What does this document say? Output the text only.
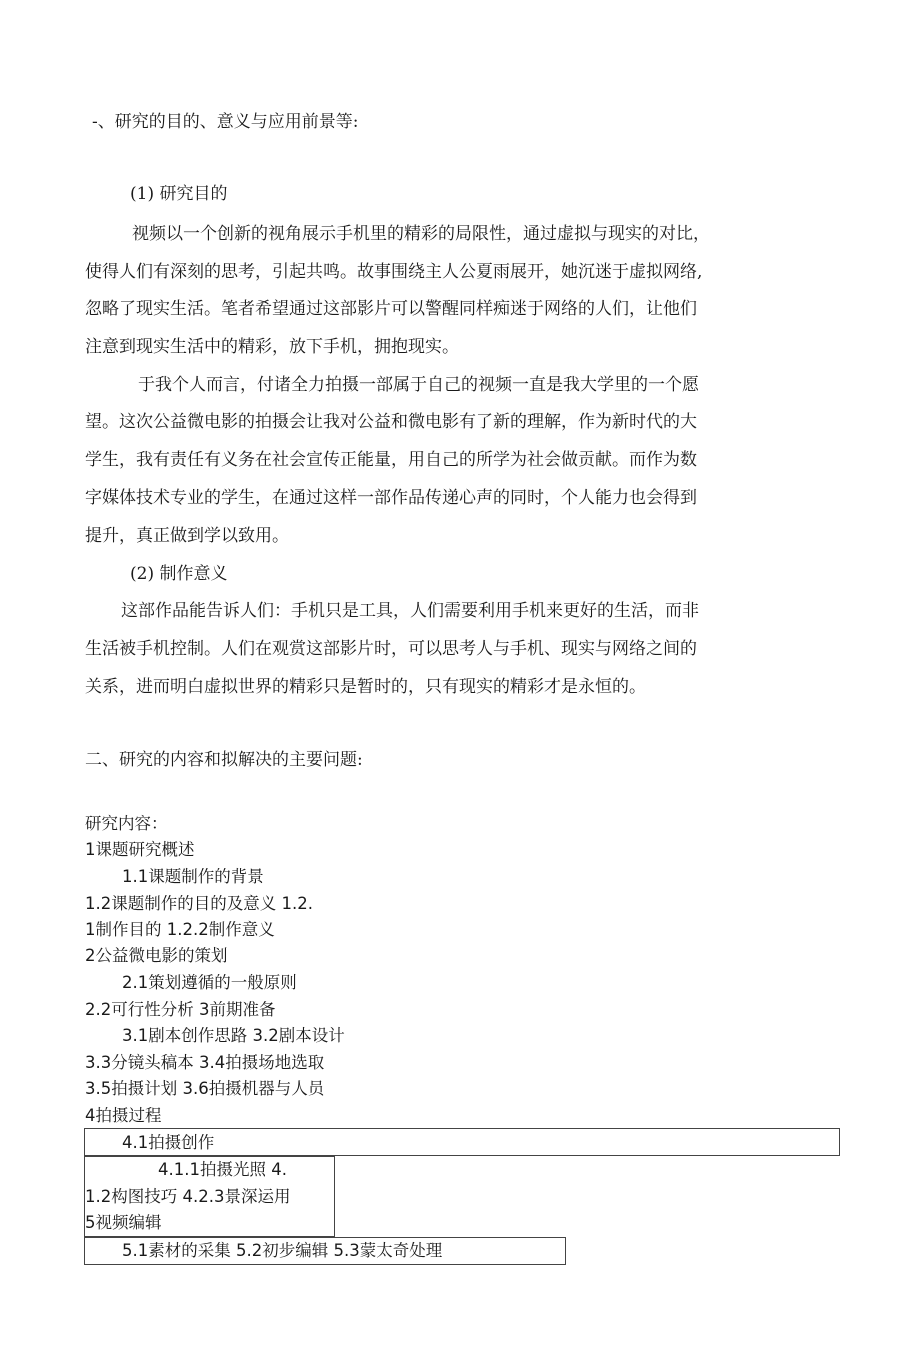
-、研究的目的、意义与应用前景等:
(1) 研究目的
视频以一个创新的视角展示手机里的精彩的局限性，通过虚拟与现实的对比，
使得人们有深刻的思考，引起共鸣。故事围绕主人公夏雨展开，她沉迷于虚拟网络,
忽略了现实生活。笔者希望通过这部影片可以警醒同样痴迷于网络的人们，让他们
注意到现实生活中的精彩，放下手机，拥抱现实。
于我个人而言，付诸全力拍摄一部属于自己的视频一直是我大学里的一个愿
望。这次公益微电影的拍摄会让我对公益和微电影有了新的理解，作为新时代的大
学生，我有责任有义务在社会宣传正能量，用自己的所学为社会做贡献。而作为数
字媒体技术专业的学生，在通过这样一部作品传递心声的同时，个人能力也会得到
提升，真正做到学以致用。
(2) 制作意义
这部作品能告诉人们：手机只是工具，人们需要利用手机来更好的生活，而非
生活被手机控制。人们在观赏这部影片时，可以思考人与手机、现实与网络之间的
关系，进而明白虚拟世界的精彩只是暂时的，只有现实的精彩才是永恒的。
二、研究的内容和拟解决的主要问题:
研究内容：
1课题研究概述
1.1课题制作的背景
1.2课题制作的目的及意义 1.2.
1制作目的 1.2.2制作意义
2公益微电影的策划
2.1策划遵循的一般原则
2.2可行性分析 3前期准备
3.1剧本创作思路 3.2剧本设计
3.3分镜头稿本 3.4拍摄场地选取
3.5拍摄计划 3.6拍摄机器与人员
4拍摄过程
4.1拍摄创作
4.1.1拍摄光照 4.
1.2构图技巧 4.2.3景深运用
5视频编辑
5.1素材的采集 5.2初步编辑 5.3蒙太奇处理
